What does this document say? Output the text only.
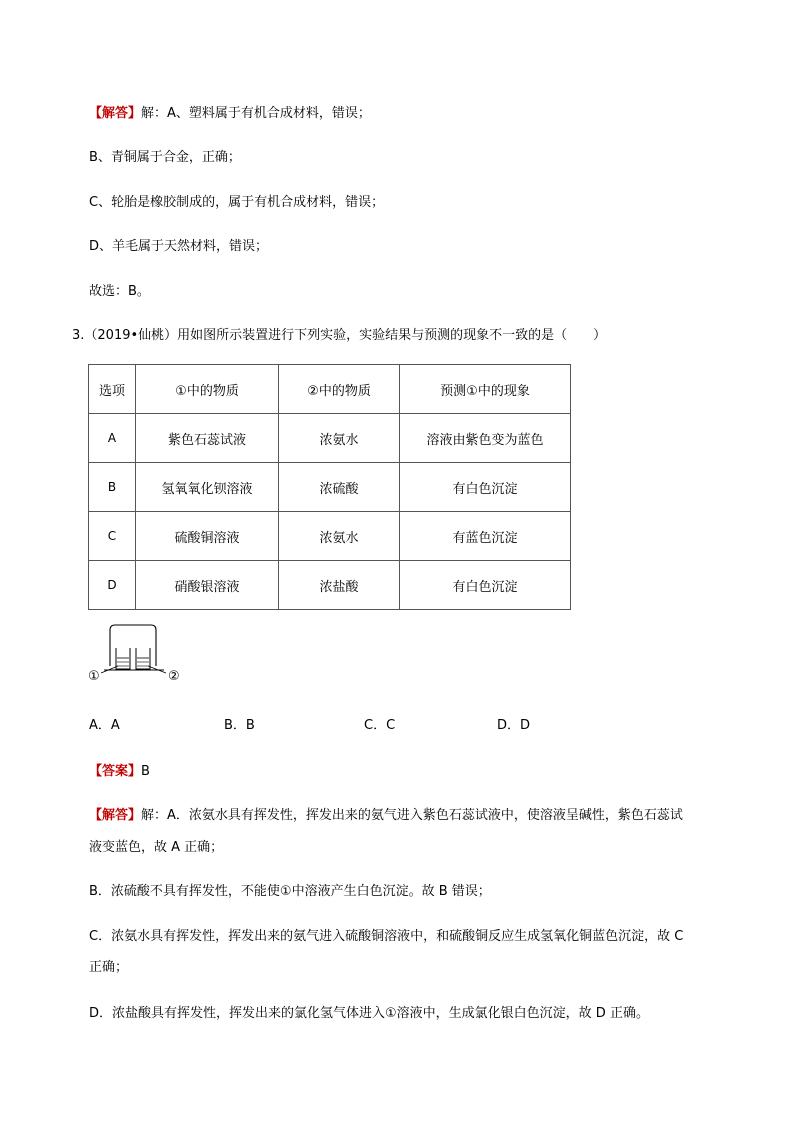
【解答】解：A、塑料属于有机合成材料，错误；
B、青铜属于合金，正确；
C、轮胎是橡胶制成的，属于有机合成材料，错误；
D、羊毛属于天然材料，错误；
故选：B。
3.（2019•仙桃）用如图所示装置进行下列实验，实验结果与预测的现象不一致的是（　　）
选项	①中的物质	②中的物质	预测①中的现象
A	紫色石蕊试液	浓氨水	溶液由紫色变为蓝色
B	氢氧氧化钡溶液	浓硫酸	有白色沉淀
C	硫酸铜溶液	浓氨水	有蓝色沉淀
D	硝酸银溶液	浓盐酸	有白色沉淀
①	②
A．A	B．B	C．C	D．D
【答案】B
【解答】解：A．浓氨水具有挥发性，挥发出来的氨气进入紫色石蕊试液中，使溶液呈碱性，紫色石蕊试
液变蓝色，故 A 正确；
B．浓硫酸不具有挥发性，不能使①中溶液产生白色沉淀。故 B 错误；
C．浓氨水具有挥发性，挥发出来的氨气进入硫酸铜溶液中，和硫酸铜反应生成氢氧化铜蓝色沉淀，故 C
正确；
D．浓盐酸具有挥发性，挥发出来的氯化氢气体进入①溶液中，生成氯化银白色沉淀，故 D 正确。
